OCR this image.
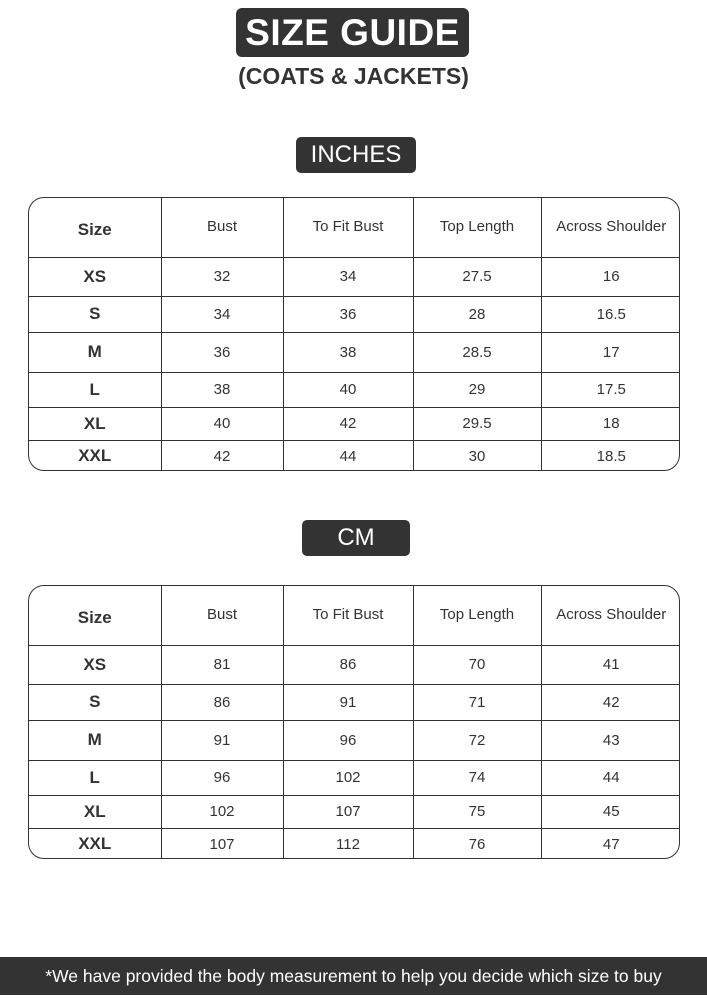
SIZE GUIDE
(COATS & JACKETS)
INCHES
Size	Bust	To Fit Bust	Top Length	Across Shoulder
XS	32	34	27.5	16
S	34	36	28	16.5
M	36	38	28.5	17
L	38	40	29	17.5
XL	40	42	29.5	18
XXL	42	44	30	18.5
CM
Size	Bust	To Fit Bust	Top Length	Across Shoulder
XS	81	86	70	41
S	86	91	71	42
M	91	96	72	43
L	96	102	74	44
XL	102	107	75	45
XXL	107	112	76	47
*We have provided the body measurement to help you decide which size to buy
